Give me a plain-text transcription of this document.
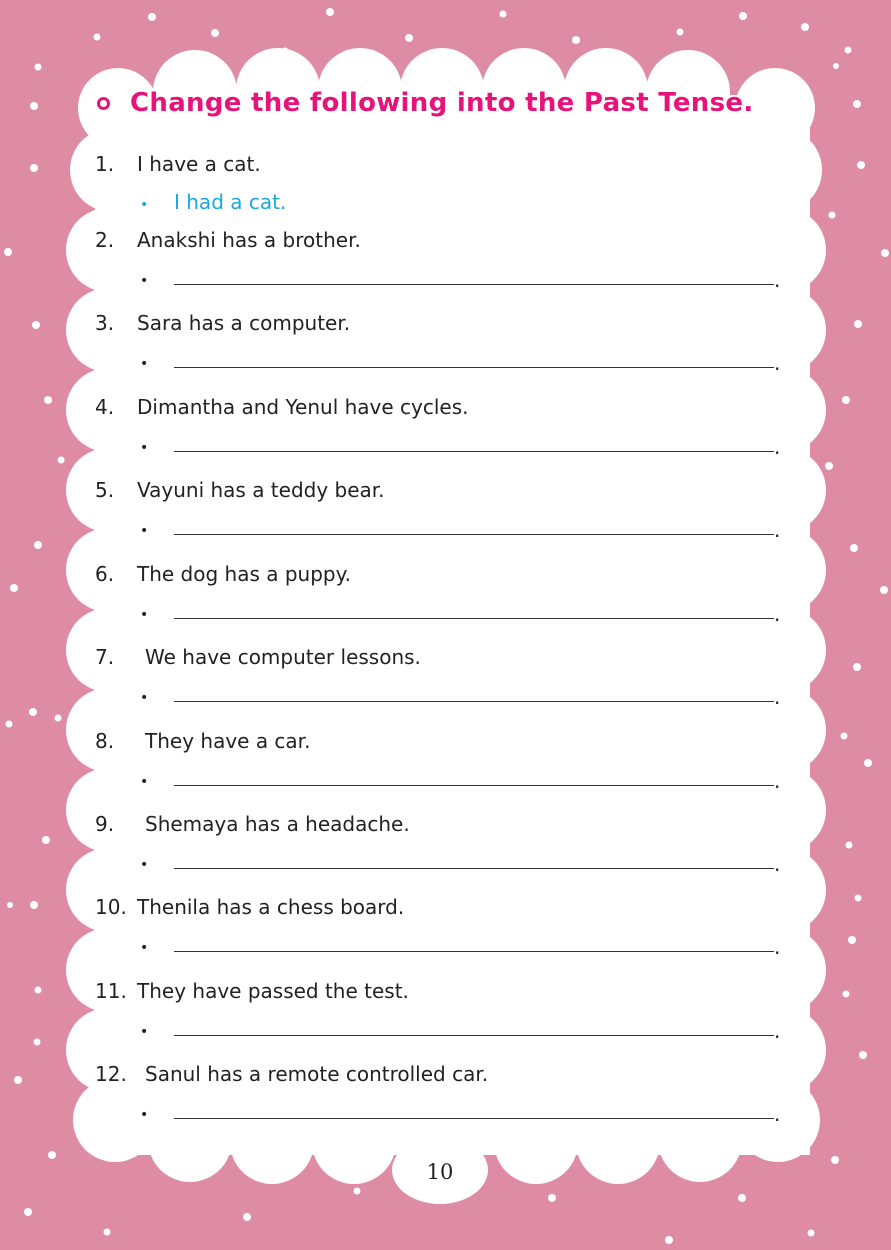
Change the following into the Past Tense.
1. I have a cat.
• I had a cat.
2. Anakshi has a brother.
•	.
3. Sara has a computer.
•	.
4. Dimantha and Yenul have cycles.
•	.
5. Vayuni has a teddy bear.
•	.
6. The dog has a puppy.
•	.
7. We have computer lessons.
•	.
8. They have a car.
•	.
9. Shemaya has a headache.
•	.
10. Thenila has a chess board.
•	.
11. They have passed the test.
•	.
12. Sanul has a remote controlled car.
•	.
10
